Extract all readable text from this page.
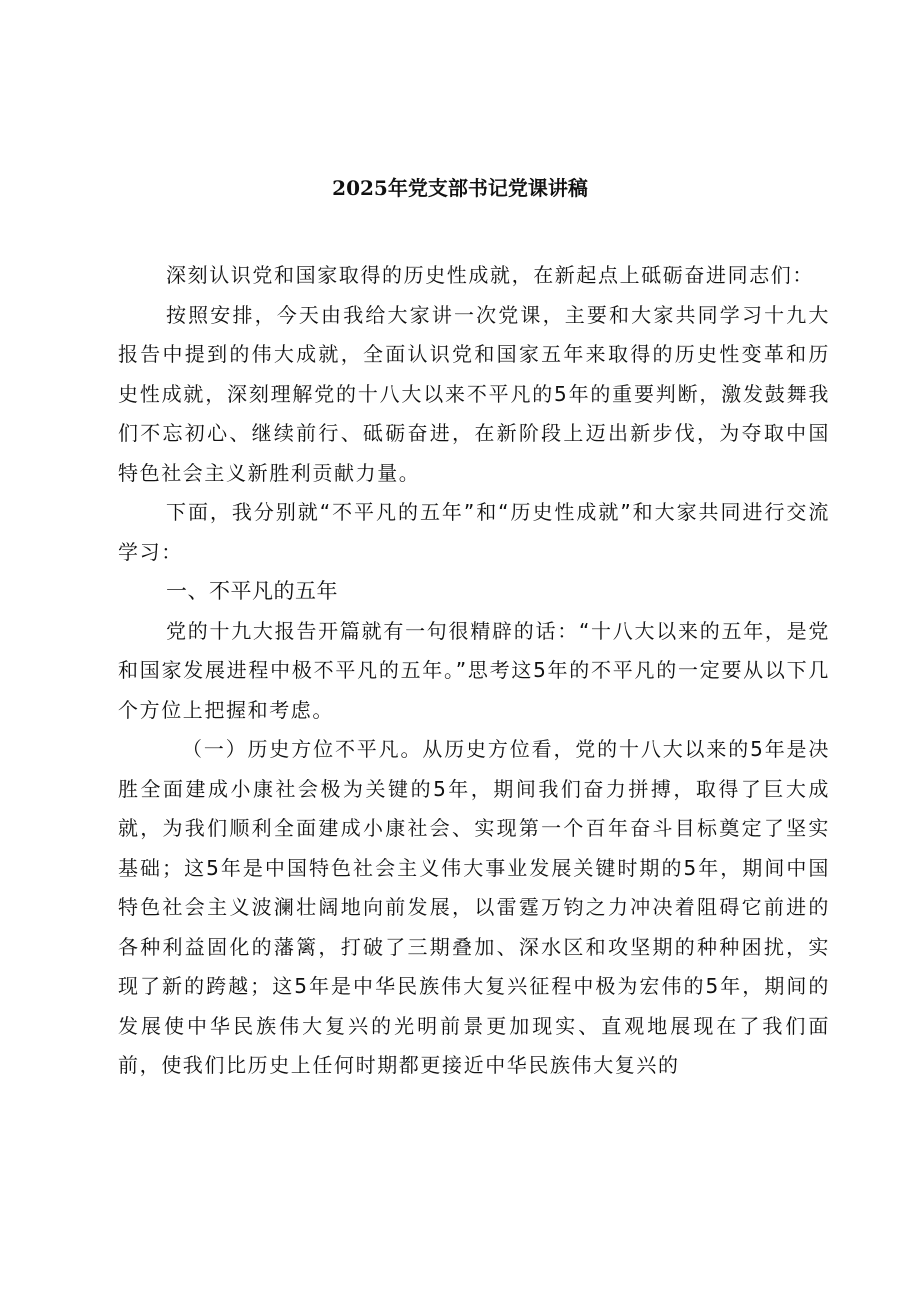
2025年党支部书记党课讲稿

深刻认识党和国家取得的历史性成就，在新起点上砥砺奋进同志们：

按照安排，今天由我给大家讲一次党课，主要和大家共同学习十九大报告中提到的伟大成就，全面认识党和国家五年来取得的历史性变革和历史性成就，深刻理解党的十八大以来不平凡的5年的重要判断，激发鼓舞我们不忘初心、继续前行、砥砺奋进，在新阶段上迈出新步伐，为夺取中国特色社会主义新胜利贡献力量。

下面，我分别就“不平凡的五年”和“历史性成就”和大家共同进行交流学习：

一、不平凡的五年

党的十九大报告开篇就有一句很精辟的话：“十八大以来的五年，是党和国家发展进程中极不平凡的五年。”思考这5年的不平凡的一定要从以下几个方位上把握和考虑。

（一）历史方位不平凡。从历史方位看，党的十八大以来的5年是决胜全面建成小康社会极为关键的5年，期间我们奋力拼搏，取得了巨大成就，为我们顺利全面建成小康社会、实现第一个百年奋斗目标奠定了坚实基础；这5年是中国特色社会主义伟大事业发展关键时期的5年，期间中国特色社会主义波澜壮阔地向前发展，以雷霆万钧之力冲决着阻碍它前进的各种利益固化的藩篱，打破了三期叠加、深水区和攻坚期的种种困扰，实现了新的跨越；这5年是中华民族伟大复兴征程中极为宏伟的5年，期间的发展使中华民族伟大复兴的光明前景更加现实、直观地展现在了我们面前，使我们比历史上任何时期都更接近中华民族伟大复兴的
